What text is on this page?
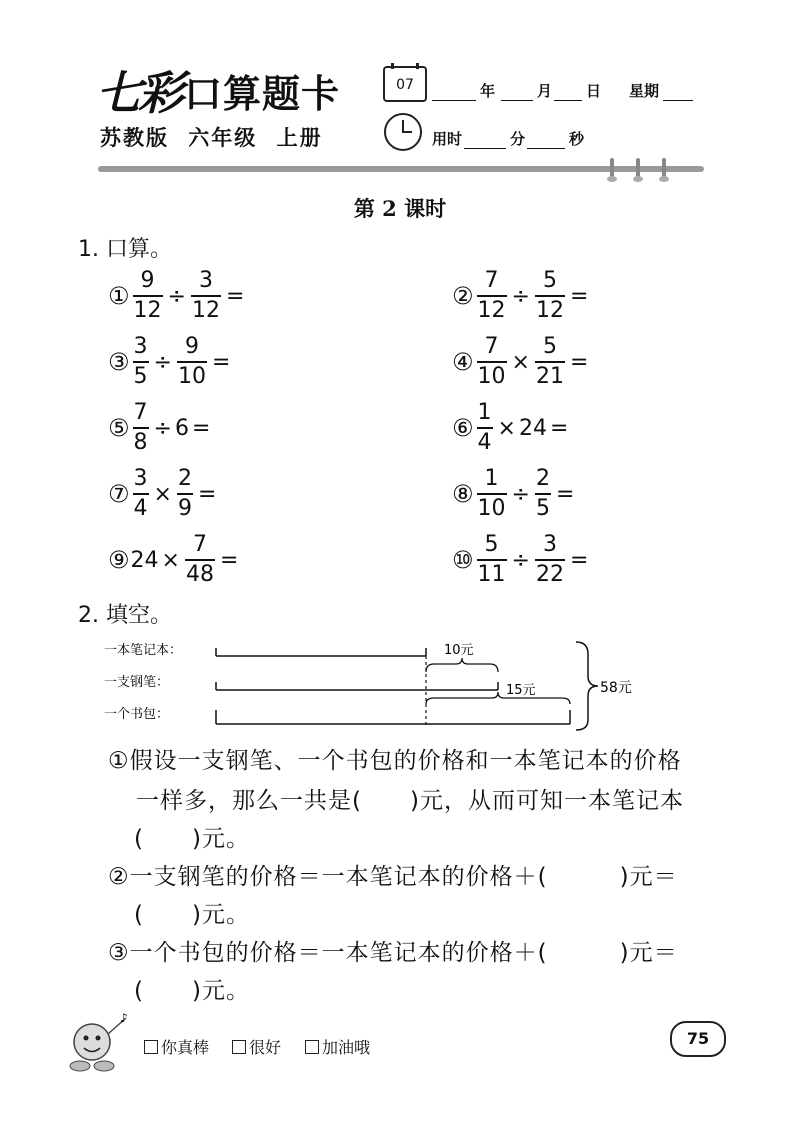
七彩 口算题卡
苏教版 六年级 上册
07	年	月 日 星期
用时	分	秒
第 2 课时
1. 口算。
① $\frac{9}{12} \div \frac{3}{12}$ =	② $\frac{7}{12} \div \frac{5}{12}$ =
③ $\frac{3}{5} \div \frac{9}{10}$ =	④ $\frac{7}{10} \times \frac{5}{21}$ =
⑤ $\frac{7}{8} \div 6$ =	⑥ $\frac{1}{4} \times 24$ =
⑦ $\frac{3}{4} \times \frac{2}{9}$ =	⑧ $\frac{1}{10} \div \frac{2}{5}$ =
⑨ $24 \times \frac{7}{48}$ =	⑩ $\frac{5}{11} \div \frac{3}{22}$ =
2. 填空。
一本笔记本：
一支钢笔：
一个书包：
10元
15元	58元
①假设一支钢笔、一个书包的价格和一本笔记本的价格
一样多，那么一共是(　　)元，从而可知一本笔记本
(　　)元。
②一支钢笔的价格＝一本笔记本的价格＋(　　　)元＝
(　　)元。
③一个书包的价格＝一本笔记本的价格＋(　　　)元＝
(　　)元。
♪
你真棒 很好	加油哦	75
